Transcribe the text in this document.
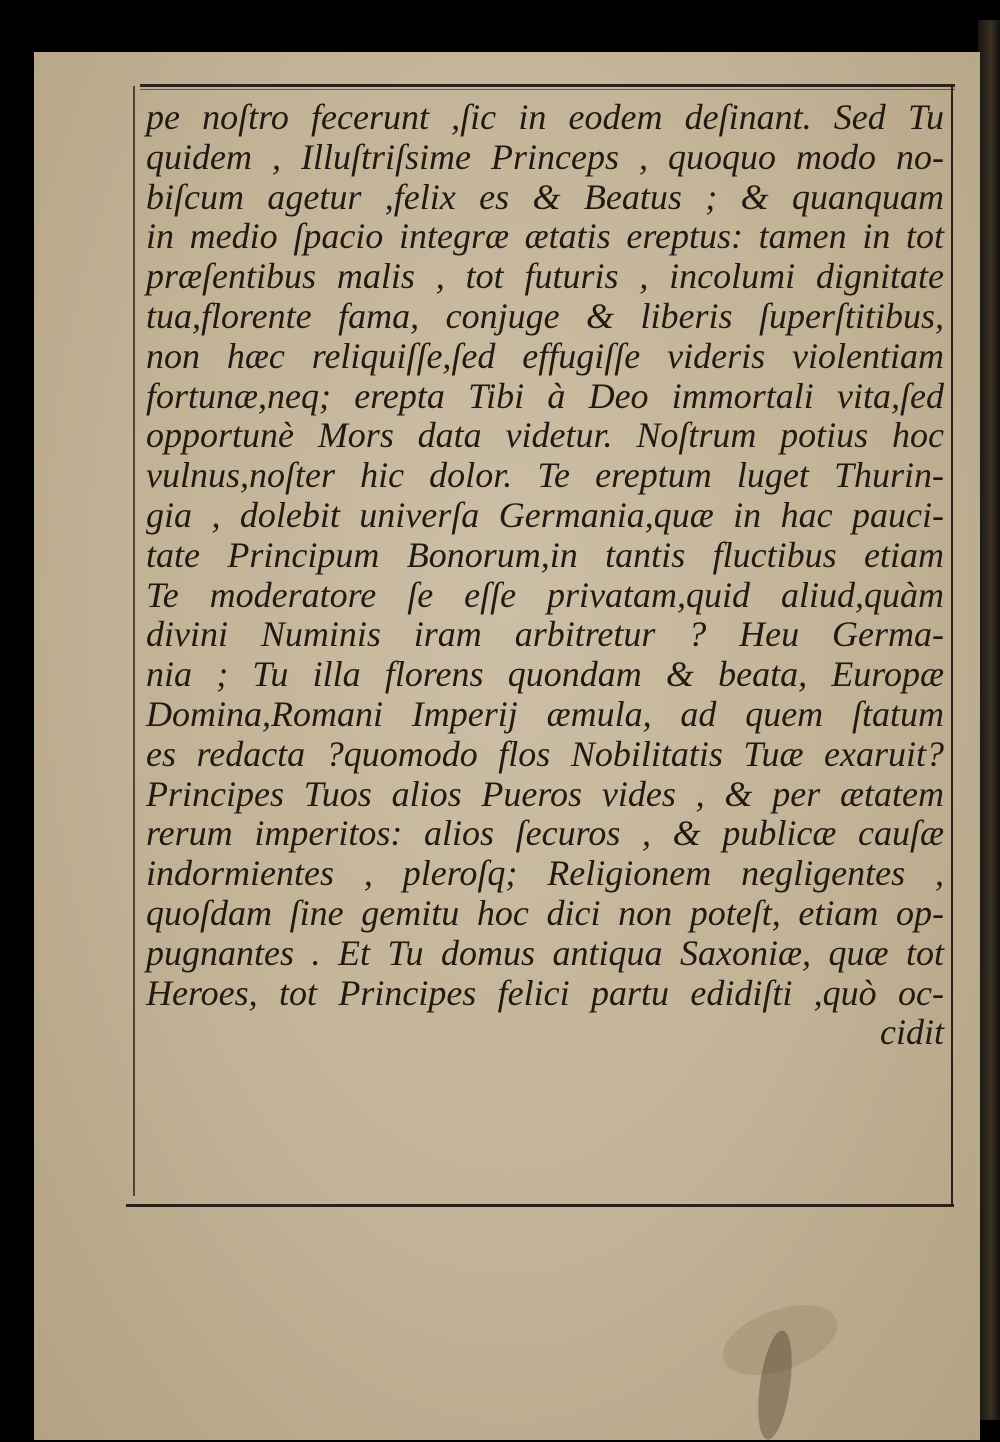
pe noſtro fecerunt ,ſic in eodem deſinant. Sed Tu
quidem , Illuſtriſsime Princeps , quoquo modo no-
biſcum agetur ,felix es & Beatus ; & quanquam
in medio ſpacio integræ ætatis ereptus: tamen in tot
præſentibus malis , tot futuris , incolumi dignitate
tua,florente fama, conjuge & liberis ſuperſtitibus,
non hæc reliquiſſe,ſed effugiſſe videris violentiam
fortunæ,neq; erepta Tibi à Deo immortali vita,ſed
opportunè Mors data videtur. Noſtrum potius hoc
vulnus,noſter hic dolor. Te ereptum luget Thurin-
gia , dolebit univerſa Germania,quæ in hac pauci-
tate Principum Bonorum,in tantis fluctibus etiam
Te moderatore ſe eſſe privatam,quid aliud,quàm
divini Numinis iram arbitretur ? Heu Germa-
nia ; Tu illa florens quondam & beata, Europæ
Domina,Romani Imperij æmula, ad quem ſtatum
es redacta ?quomodo flos Nobilitatis Tuæ exaruit?
Principes Tuos alios Pueros vides , & per ætatem
rerum imperitos: alios ſecuros , & publicæ cauſæ
indormientes , pleroſq; Religionem negligentes ,
quoſdam ſine gemitu hoc dici non poteſt, etiam op-
pugnantes . Et Tu domus antiqua Saxoniæ, quæ tot
Heroes, tot Principes felici partu edidiſti ,quò oc-
cidit
